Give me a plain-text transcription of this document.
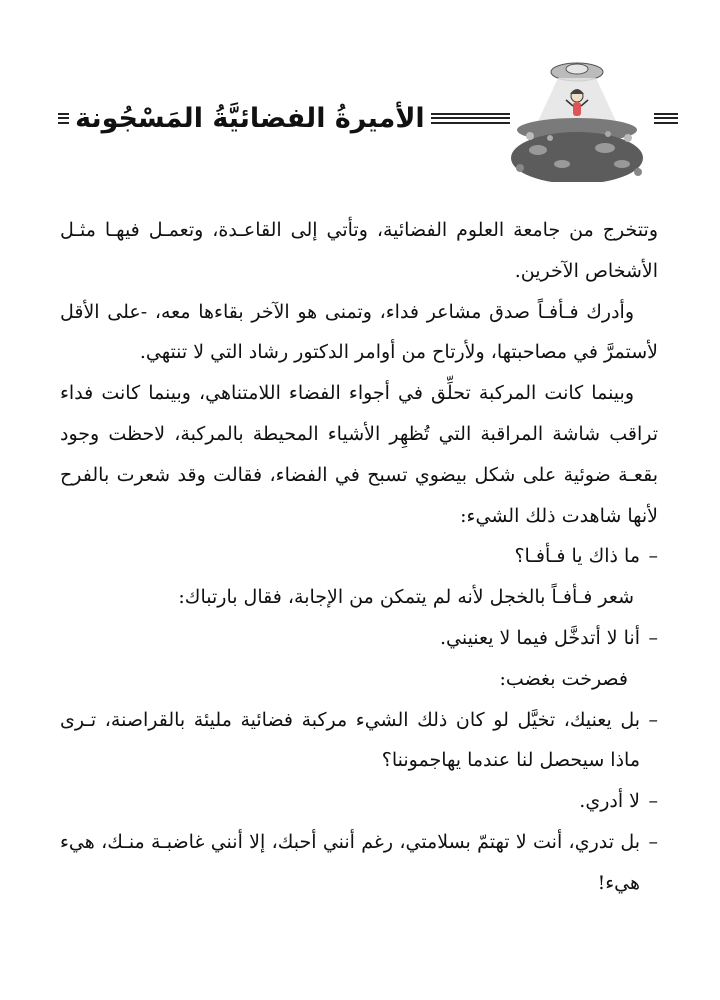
الأميرةُ الفضائيَّةُ المَسْجُونة

وتتخرج من جامعة العلوم الفضائية، وتأتي إلى القاعـدة، وتعمـل فيهـا مثـل الأشخاص الآخرين.

وأدرك فـأفـاً صدق مشاعر فداء، وتمنى هو الآخر بقاءها معه، -على الأقل لأستمرَّ في مصاحبتها، ولأرتاح من أوامر الدكتور رشاد التي لا تنتهي.

وبينما كانت المركبة تحلِّق في أجواء الفضاء اللامتناهي، وبينما كانت فداء تراقب شاشة المراقبة التي تُظهِر الأشياء المحيطة بالمركبة، لاحظت وجود بقعـة ضوئية على شكل بيضوي تسبح في الفضاء، فقالت وقد شعرت بالفرح لأنها شاهدت ذلك الشيء:

–ما ذاك يا فـأفـا؟

شعر فـأفـاً بالخجل لأنه لم يتمكن من الإجابة، فقال بارتباك:

–أنا لا أتدخَّل فيما لا يعنيني.

فصرخت بغضب:

–بل يعنيك، تخيَّل لو كان ذلك الشيء مركبة فضائية مليئة بالقراصنة، تـرى ماذا سيحصل لنا عندما يهاجموننا؟

–لا أدري.

–بل تدري، أنت لا تهتمّ بسلامتي، رغم أنني أحبك، إلا أنني غاضبـة منـك، هيء هيء!
